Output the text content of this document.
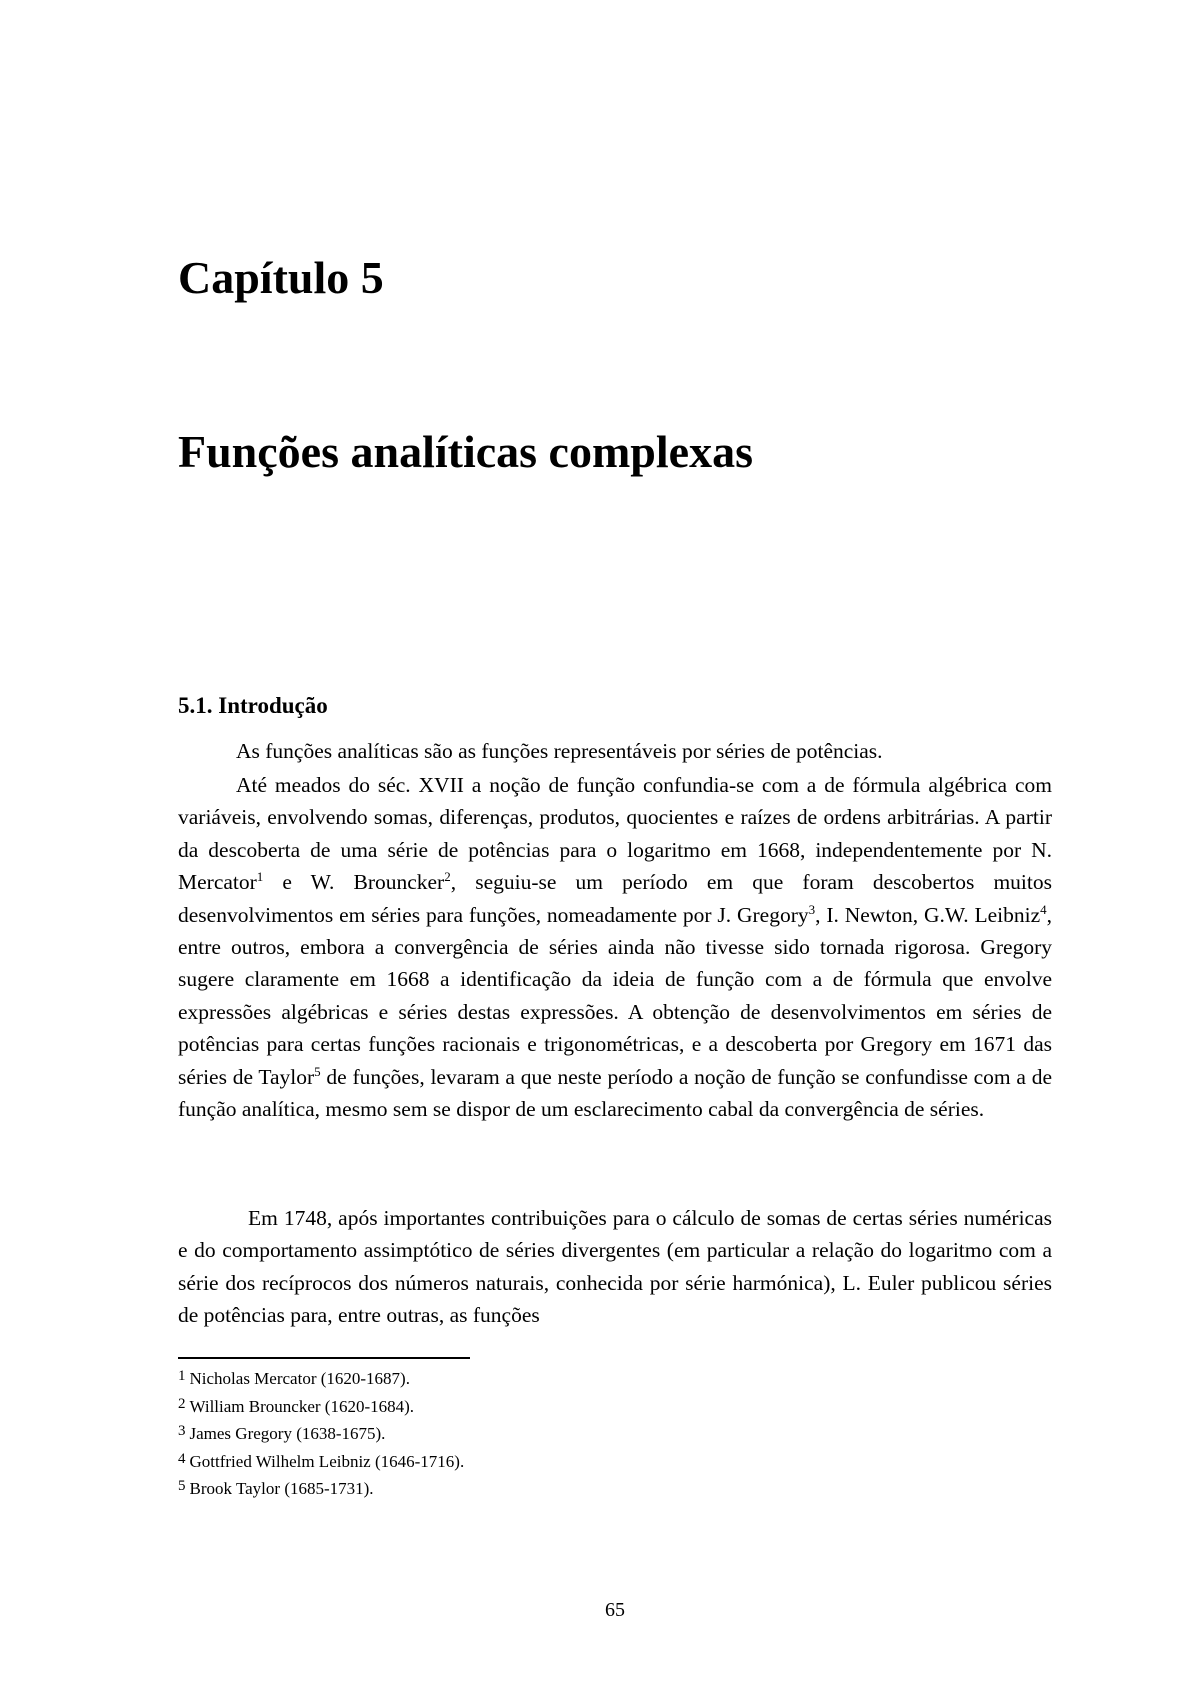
Capítulo 5
Funções analíticas complexas
5.1. Introdução

As funções analíticas são as funções representáveis por séries de potências.

Até meados do séc. XVII a noção de função confundia-se com a de fórmula algébrica com variáveis, envolvendo somas, diferenças, produtos, quocientes e raízes de ordens arbitrárias. A partir da descoberta de uma série de potências para o logaritmo em 1668, independentemente por N. Mercator$^1$ e W. Brouncker$^2$, seguiu-se um período em que foram descobertos muitos desenvolvimentos em séries para funções, nomeadamente por J. Gregory$^3$, I. Newton, G.W. Leibniz$^4$, entre outros, embora a convergência de séries ainda não tivesse sido tornada rigorosa. Gregory sugere claramente em 1668 a identificação da ideia de função com a de fórmula que envolve expressões algébricas e séries destas expressões. A obtenção de desenvolvimentos em séries de potências para certas funções racionais e trigonométricas, e a descoberta por Gregory em 1671 das séries de Taylor$^5$ de funções, levaram a que neste período a noção de função se confundisse com a de função analítica, mesmo sem se dispor de um esclarecimento cabal da convergência de séries.

Em 1748, após importantes contribuições para o cálculo de somas de certas séries numéricas e do comportamento assimptótico de séries divergentes (em particular a relação do logaritmo com a série dos recíprocos dos números naturais, conhecida por série harmónica), L. Euler publicou séries de potências para, entre outras, as funções

1 Nicholas Mercator (1620-1687).
2 William Brouncker (1620-1684).
3 James Gregory (1638-1675).
4 Gottfried Wilhelm Leibniz (1646-1716).
5 Brook Taylor (1685-1731).
65
